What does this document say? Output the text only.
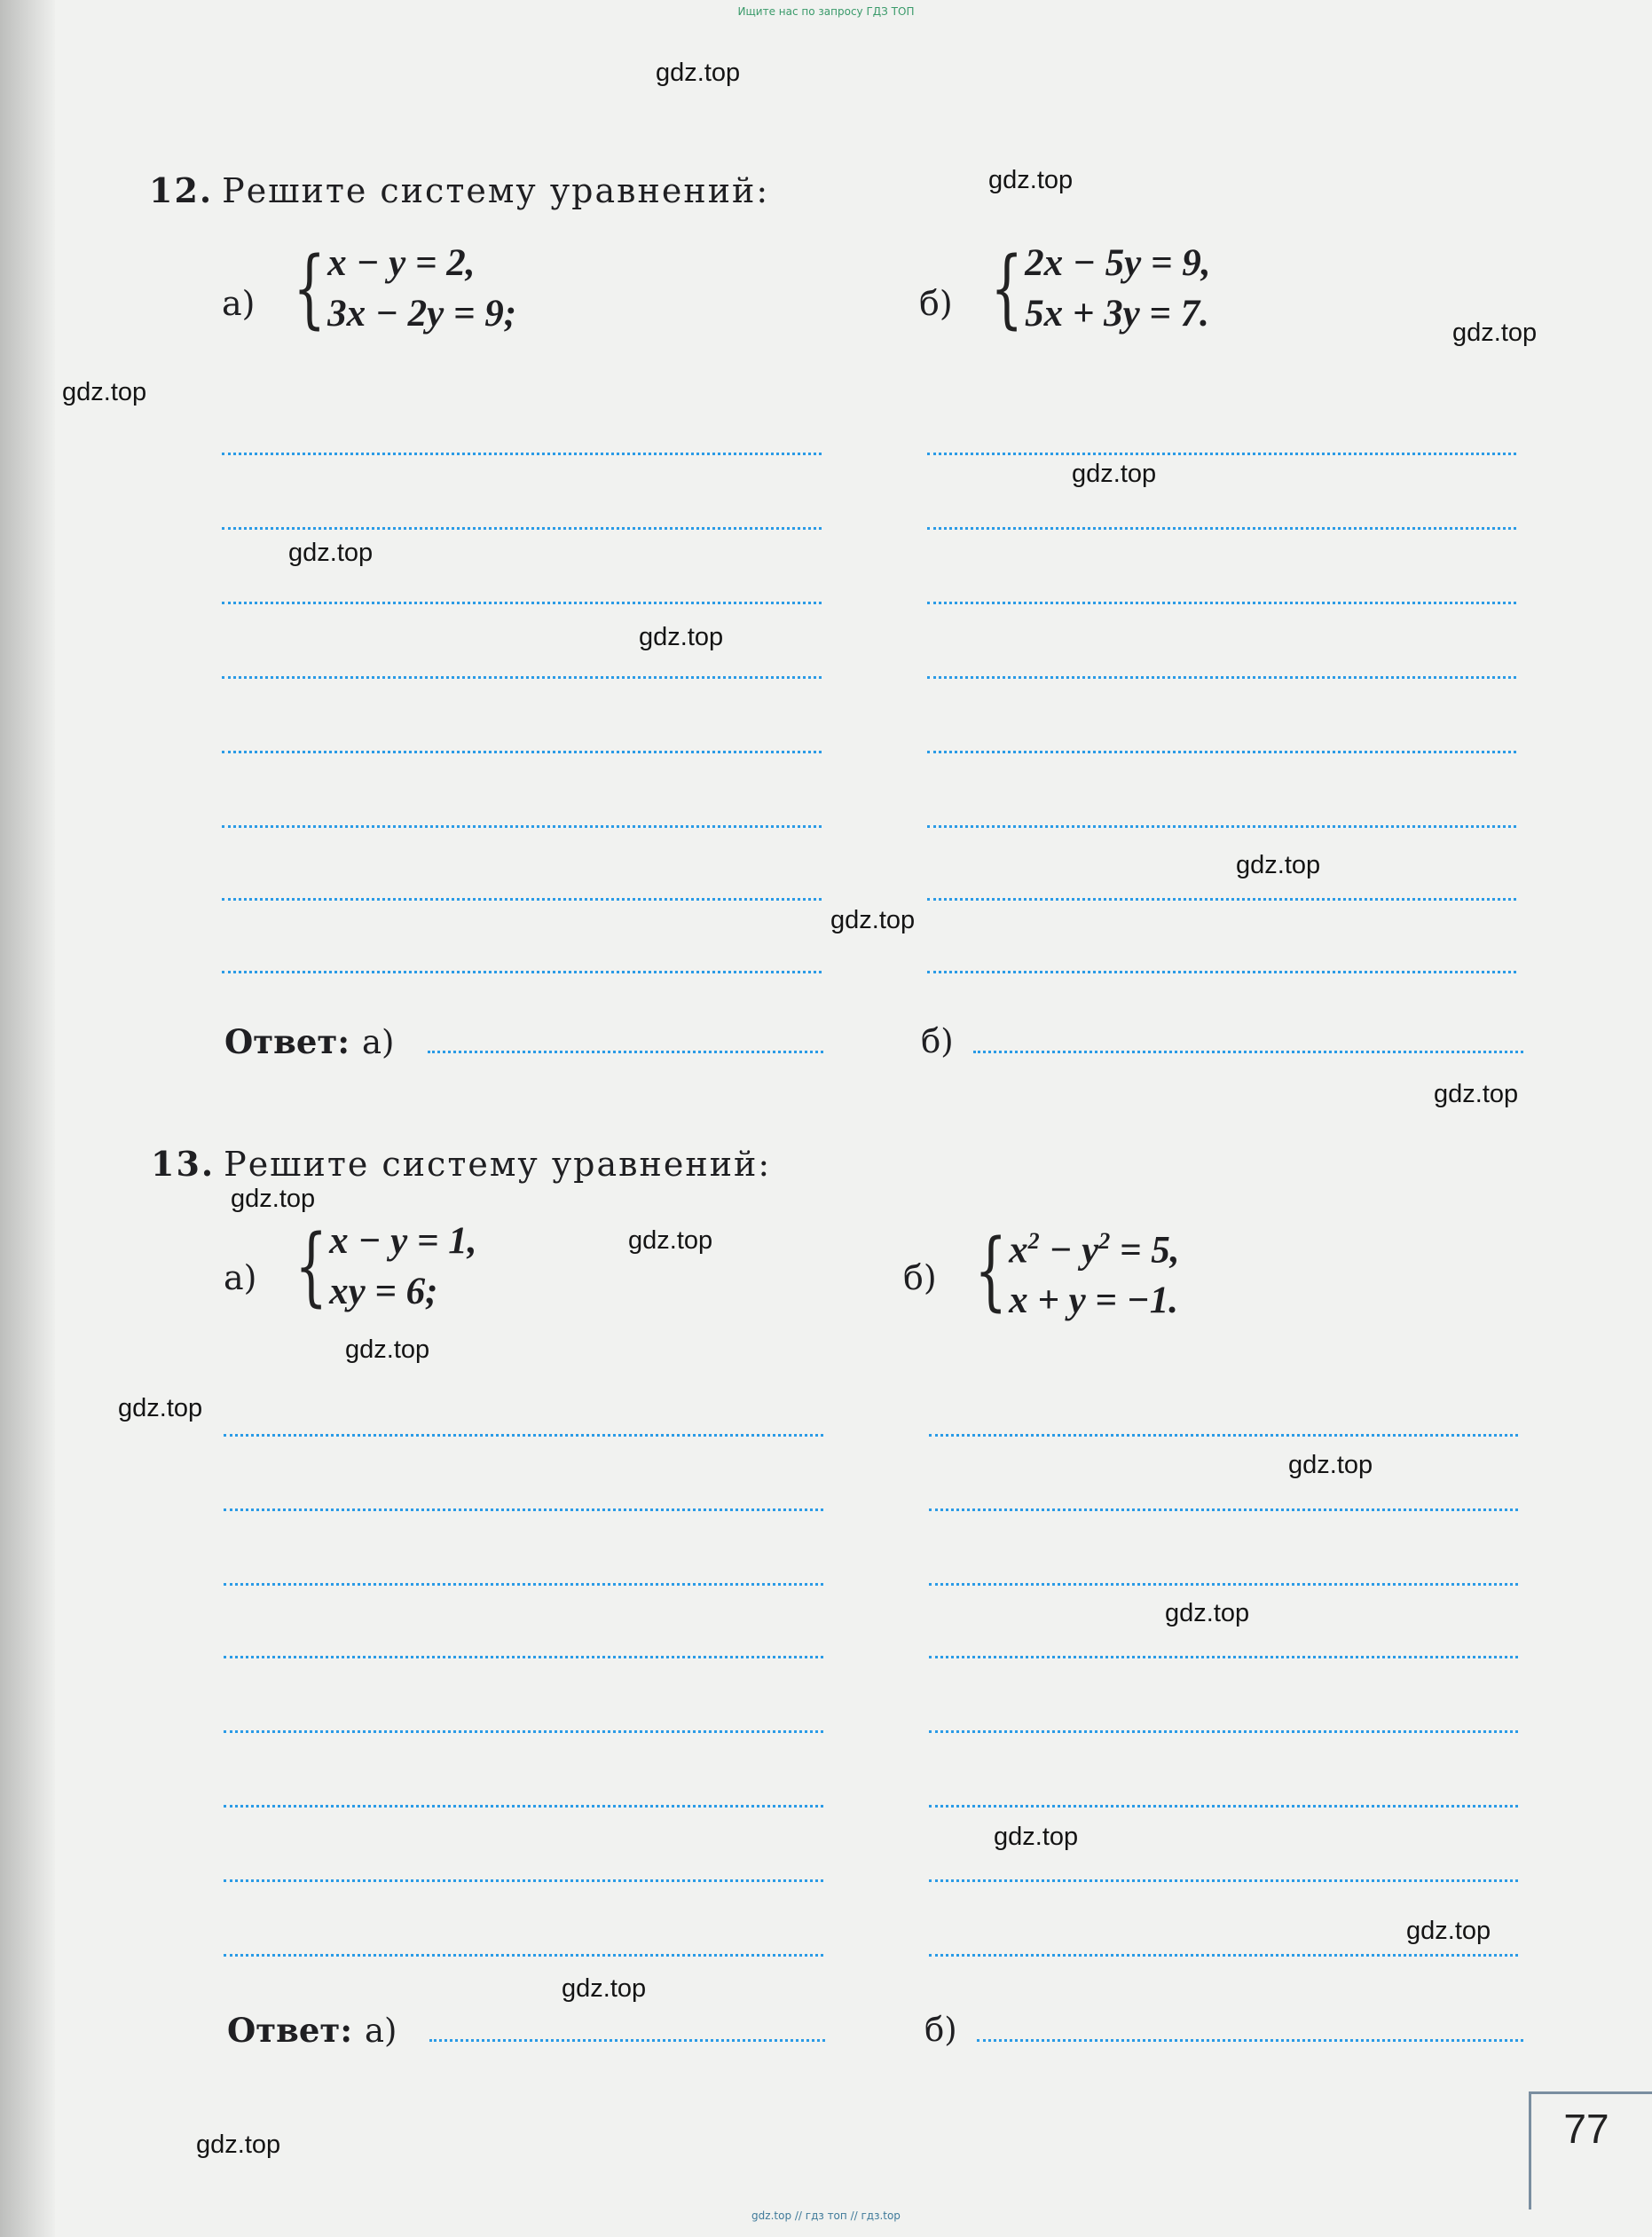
Ищите нас по запросу ГДЗ ТОП

gdz.top
gdz.top
gdz.top
gdz.top
gdz.top
gdz.top
gdz.top
gdz.top
gdz.top
gdz.top
gdz.top
gdz.top
gdz.top
gdz.top
gdz.top
gdz.top
gdz.top
gdz.top
gdz.top
gdz.top
12. Решите систему уравнений:
а) { x − y = 2,
3x − 2y = 9;	б) { 2x − 5y = 9,
5x + 3y = 7.
Ответ: а)	б)
13. Решите систему уравнений:
а) { x − y = 1,
xy = 6;	б) { $x^2 - y^2 = 5$,
x + y = −1.
Ответ: а)	б)
77
gdz.top // гдз топ // гдз.top
